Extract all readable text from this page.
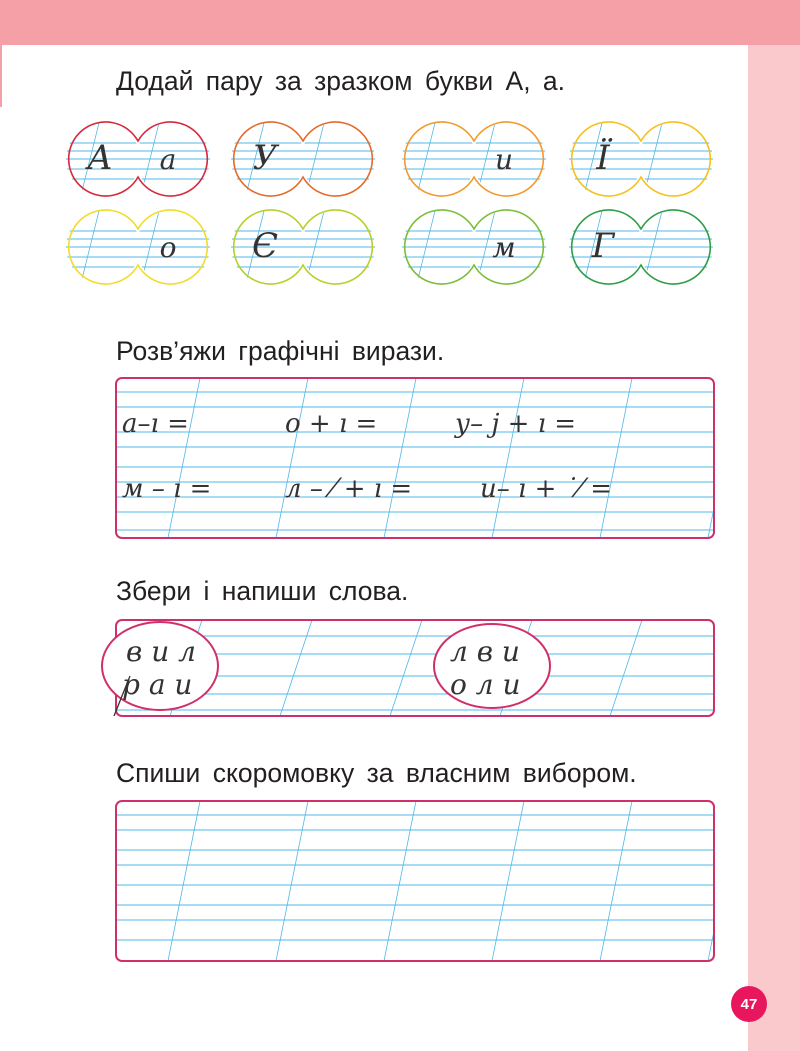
Додай пару за зразком букви А, а.
Розв’яжи графічні вирази.
Збери і напиши слова.
Спиши скоромовку за власним вибором.
А а У	и Ї
о Є	м Г
а–ı =	о + ı =	у– ј + ı =
м – ı =	л – ⁄ + ı =	и– ı + ˙⁄ =
в и л
р а и
л в и
о л и
47
